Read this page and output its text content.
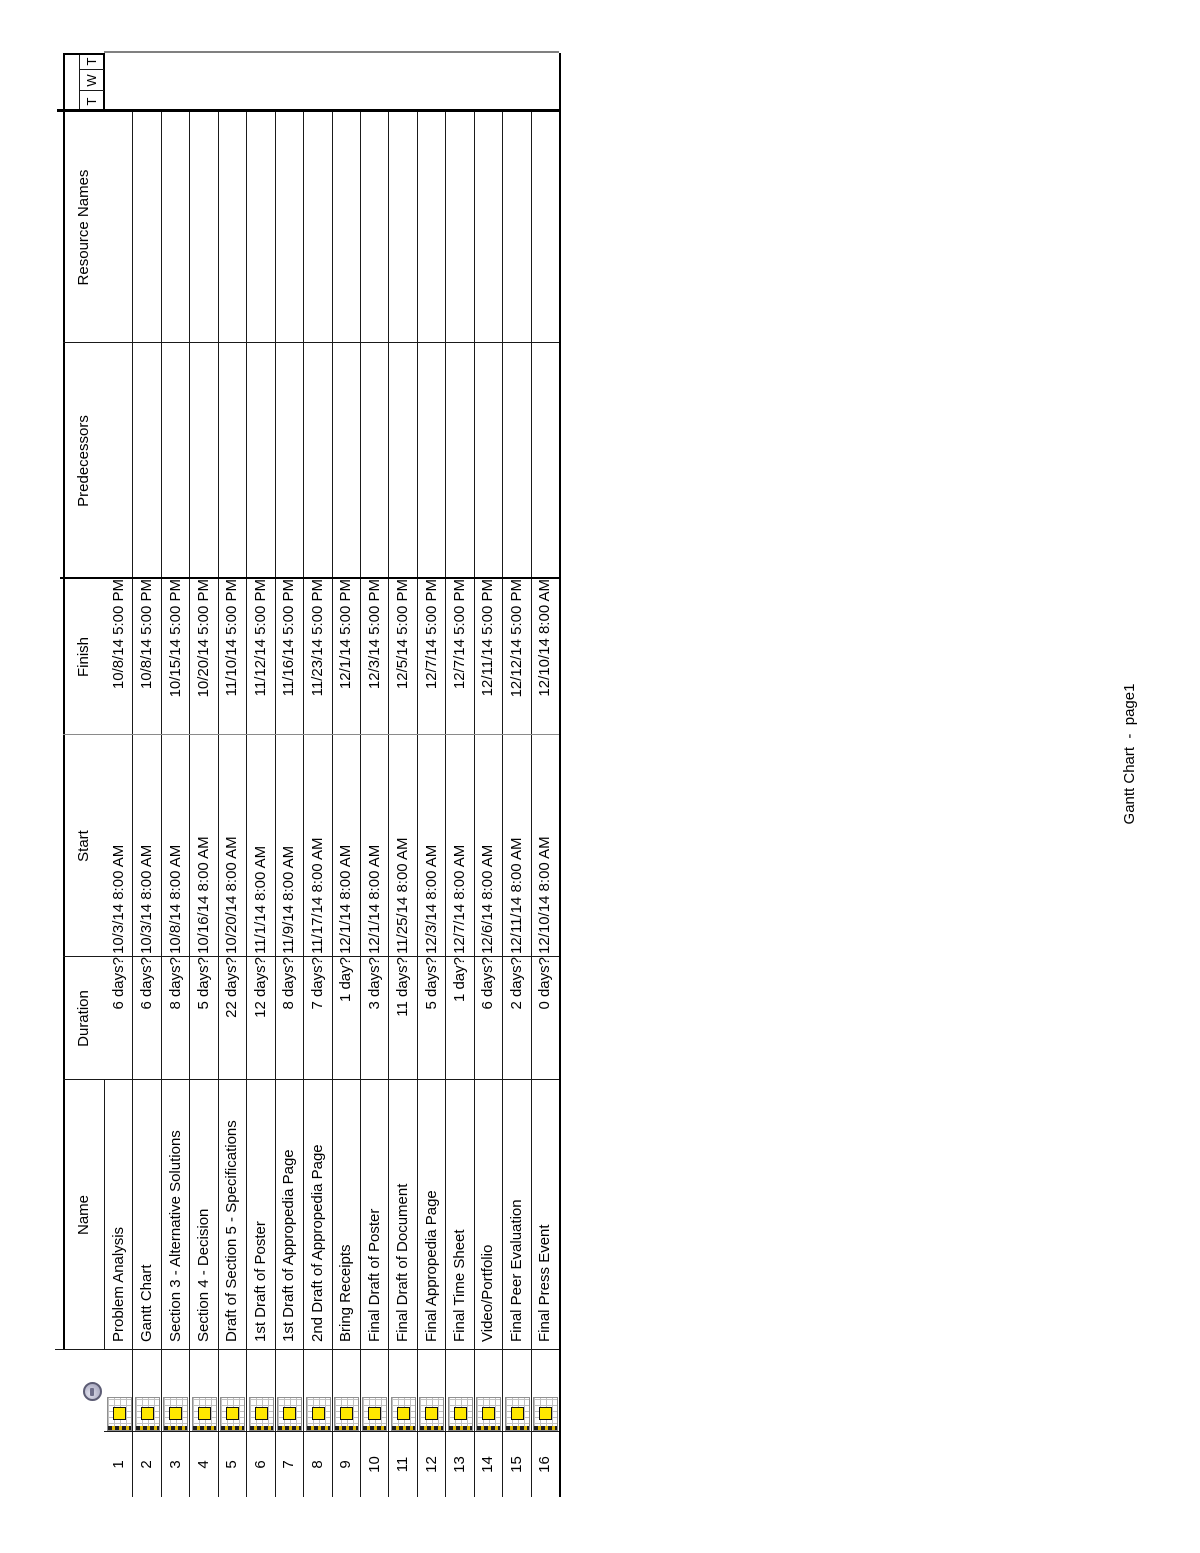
Name
Duration
Start
Finish
Predecessors
Resource Names
T
W
T
Gantt Chart  -  page1
1
Problem Analysis
6 days?
10/3/14 8:00 AM
10/8/14 5:00 PM
2
Gantt Chart
6 days?
10/3/14 8:00 AM
10/8/14 5:00 PM
3
Section 3 - Alternative Solutions
8 days?
10/8/14 8:00 AM
10/15/14 5:00 PM
4
Section 4 - Decision
5 days?
10/16/14 8:00 AM
10/20/14 5:00 PM
5
Draft of Section 5 - Specifications
22 days?
10/20/14 8:00 AM
11/10/14 5:00 PM
6
1st Draft of Poster
12 days?
11/1/14 8:00 AM
11/12/14 5:00 PM
7
1st Draft of Appropedia Page
8 days?
11/9/14 8:00 AM
11/16/14 5:00 PM
8
2nd Draft of Appropedia Page
7 days?
11/17/14 8:00 AM
11/23/14 5:00 PM
9
Bring Receipts
1 day?
12/1/14 8:00 AM
12/1/14 5:00 PM
10
Final Draft of Poster
3 days?
12/1/14 8:00 AM
12/3/14 5:00 PM
11
Final Draft of Document
11 days?
11/25/14 8:00 AM
12/5/14 5:00 PM
12
Final Appropedia Page
5 days?
12/3/14 8:00 AM
12/7/14 5:00 PM
13
Final Time Sheet
1 day?
12/7/14 8:00 AM
12/7/14 5:00 PM
14
Video/Portfolio
6 days?
12/6/14 8:00 AM
12/11/14 5:00 PM
15
Final Peer Evaluation
2 days?
12/11/14 8:00 AM
12/12/14 5:00 PM
16
Final Press Event
0 days?
12/10/14 8:00 AM
12/10/14 8:00 AM
